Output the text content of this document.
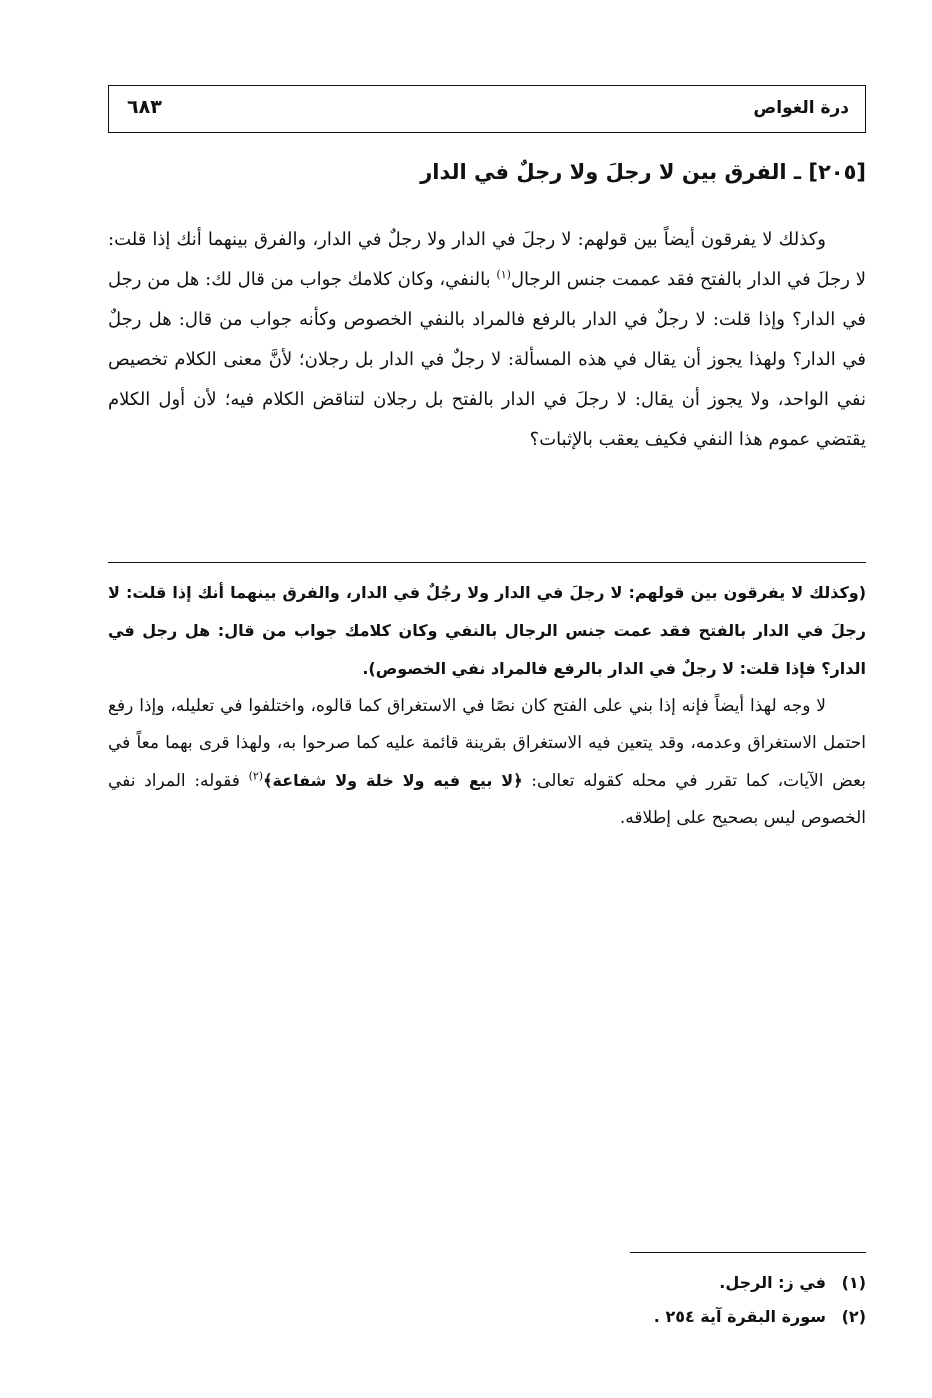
درة الغواص
٦٨٣
[٢٠٥] ـ الفرق بين لا رجلَ ولا رجلٌ في الدار
وكذلك لا يفرقون أيضاً بين قولهم: لا رجلَ في الدار ولا رجلٌ في الدار، والفرق بينهما أنك إذا قلت: لا رجلَ في الدار بالفتح فقد عممت جنس الرجال$^{(١)}$ بالنفي، وكان كلامك جواب من قال لك: هل من رجل في الدار؟ وإذا قلت: لا رجلٌ في الدار بالرفع فالمراد بالنفي الخصوص وكأنه جواب من قال: هل رجلٌ في الدار؟ ولهذا يجوز أن يقال في هذه المسألة: لا رجلٌ في الدار بل رجلان؛ لأنَّ معنى الكلام تخصيص نفي الواحد، ولا يجوز أن يقال: لا رجلَ في الدار بالفتح بل رجلان لتناقض الكلام فيه؛ لأن أول الكلام يقتضي عموم هذا النفي فكيف يعقب بالإثبات؟

(وكذلك لا يفرقون بين قولهم: لا رجلَ في الدار ولا رجُلٌ في الدار، والفرق بينهما أنك إذا قلت: لا رجلَ في الدار بالفتح فقد عمت جنس الرجال بالنفي وكان كلامك جواب من قال: هل رجل في الدار؟ فإذا قلت: لا رجلٌ في الدار بالرفع فالمراد نفي الخصوص).

لا وجه لهذا أيضاً فإنه إذا بني على الفتح كان نصًا في الاستغراق كما قالوه، واختلفوا في تعليله، وإذا رفع احتمل الاستغراق وعدمه، وقد يتعين فيه الاستغراق بقرينة قائمة عليه كما صرحوا به، ولهذا قرى بهما معاً في بعض الآيات، كما تقرر في محله كقوله تعالى: ﴿لا بيع فيه ولا خلة ولا شفاعة﴾$^{(٢)}$ فقوله: المراد نفي الخصوص ليس بصحيح على إطلاقه.

(١)في ز: الرجل.
(٢)سورة البقرة آية ٢٥٤ .
